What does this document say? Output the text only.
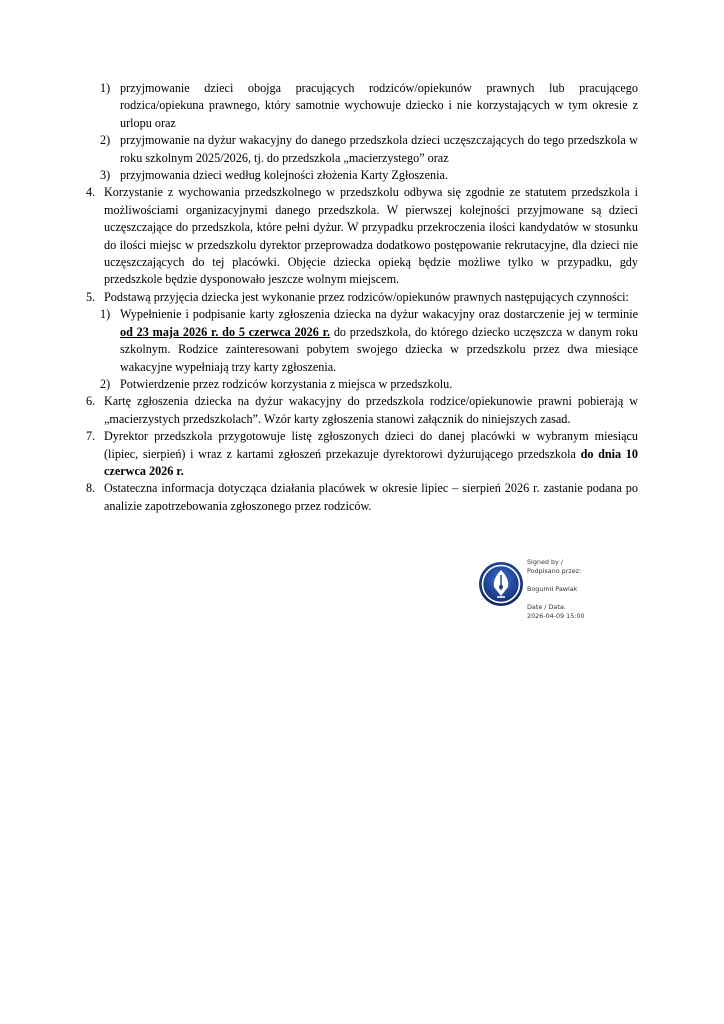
1) przyjmowanie dzieci obojga pracujących rodziców/opiekunów prawnych lub pracującego rodzica/opiekuna prawnego, który samotnie wychowuje dziecko i nie korzystających w tym okresie z urlopu oraz
2) przyjmowanie na dyżur wakacyjny do danego przedszkola dzieci uczęszczających do tego przedszkola w roku szkolnym 2025/2026, tj. do przedszkola „macierzystego” oraz
3) przyjmowania dzieci według kolejności złożenia Karty Zgłoszenia.
4. Korzystanie z wychowania przedszkolnego w przedszkolu odbywa się zgodnie ze statutem przedszkola i możliwościami organizacyjnymi danego przedszkola. W pierwszej kolejności przyjmowane są dzieci uczęszczające do przedszkola, które pełni dyżur. W przypadku przekroczenia ilości kandydatów w stosunku do ilości miejsc w przedszkolu dyrektor przeprowadza dodatkowo postępowanie rekrutacyjne, dla dzieci nie uczęszczających do tej placówki. Objęcie dziecka opieką będzie możliwe tylko w przypadku, gdy przedszkole będzie dysponowało jeszcze wolnym miejscem.
5. Podstawą przyjęcia dziecka jest wykonanie przez rodziców/opiekunów prawnych następujących czynności:
1) Wypełnienie i podpisanie karty zgłoszenia dziecka na dyżur wakacyjny oraz dostarczenie jej w terminie od 23 maja 2026 r. do 5 czerwca 2026 r. do przedszkola, do którego dziecko uczęszcza w danym roku szkolnym. Rodzice zainteresowani pobytem swojego dziecka w przedszkolu przez dwa miesiące wakacyjne wypełniają trzy karty zgłoszenia.
2) Potwierdzenie przez rodziców korzystania z miejsca w przedszkolu.
6. Kartę zgłoszenia dziecka na dyżur wakacyjny do przedszkola rodzice/opiekunowie prawni pobierają w „macierzystych przedszkolach”. Wzór karty zgłoszenia stanowi załącznik do niniejszych zasad.
7. Dyrektor przedszkola przygotowuje listę zgłoszonych dzieci do danej placówki w wybranym miesiącu (lipiec, sierpień) i wraz z kartami zgłoszeń przekazuje dyrektorowi dyżurującego przedszkola do dnia 10 czerwca 2026 r.
8. Ostateczna informacja dotycząca działania placówek w okresie lipiec – sierpień 2026 r. zastanie podana po analizie zapotrzebowania zgłoszonego przez rodziców.
Signed by /
Podpisano przez:
Bogumił Pawlak
Date / Data:
2026-04-09 15:00
